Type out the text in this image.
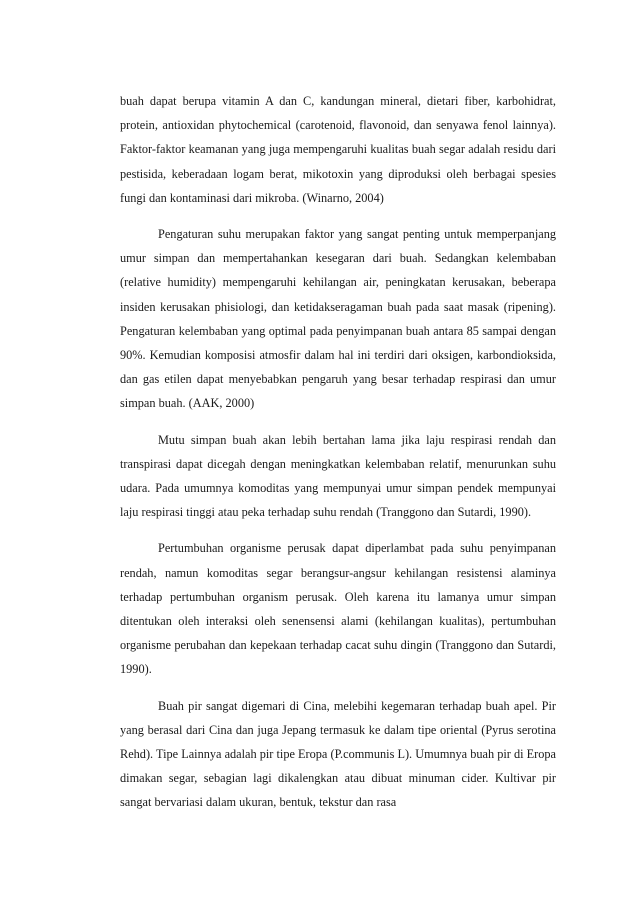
buah dapat berupa vitamin A dan C, kandungan mineral, dietari fiber, karbohidrat, protein, antioxidan phytochemical (carotenoid, flavonoid, dan senyawa fenol lainnya). Faktor-faktor keamanan yang juga mempengaruhi kualitas buah segar adalah residu dari pestisida, keberadaan logam berat, mikotoxin yang diproduksi oleh berbagai spesies fungi dan kontaminasi dari mikroba. (Winarno, 2004)

Pengaturan suhu merupakan faktor yang sangat penting untuk memperpanjang umur simpan dan mempertahankan kesegaran dari buah. Sedangkan kelembaban (relative humidity) mempengaruhi kehilangan air, peningkatan kerusakan, beberapa insiden kerusakan phisiologi, dan ketidakseragaman buah pada saat masak (ripening). Pengaturan kelembaban yang optimal pada penyimpanan buah antara 85 sampai dengan 90%. Kemudian komposisi atmosfir dalam hal ini terdiri dari oksigen, karbondioksida, dan gas etilen dapat menyebabkan pengaruh yang besar terhadap respirasi dan umur simpan buah. (AAK, 2000)

Mutu simpan buah akan lebih bertahan lama jika laju respirasi rendah dan transpirasi dapat dicegah dengan meningkatkan kelembaban relatif, menurunkan suhu udara. Pada umumnya komoditas yang mempunyai umur simpan pendek mempunyai laju respirasi tinggi atau peka terhadap suhu rendah (Tranggono dan Sutardi, 1990).

Pertumbuhan organisme perusak dapat diperlambat pada suhu penyimpanan rendah, namun komoditas segar berangsur-angsur kehilangan resistensi alaminya terhadap pertumbuhan organism perusak. Oleh karena itu lamanya umur simpan ditentukan oleh interaksi oleh senensensi alami (kehilangan kualitas), pertumbuhan organisme perubahan dan kepekaan terhadap cacat suhu dingin (Tranggono dan Sutardi, 1990).

Buah pir sangat digemari di Cina, melebihi kegemaran terhadap buah apel. Pir yang berasal dari Cina dan juga Jepang termasuk ke dalam tipe oriental (Pyrus serotina Rehd). Tipe Lainnya adalah pir tipe Eropa (P.communis L). Umumnya buah pir di Eropa dimakan segar, sebagian lagi dikalengkan atau dibuat minuman cider. Kultivar pir sangat bervariasi dalam ukuran, bentuk, tekstur dan rasa
